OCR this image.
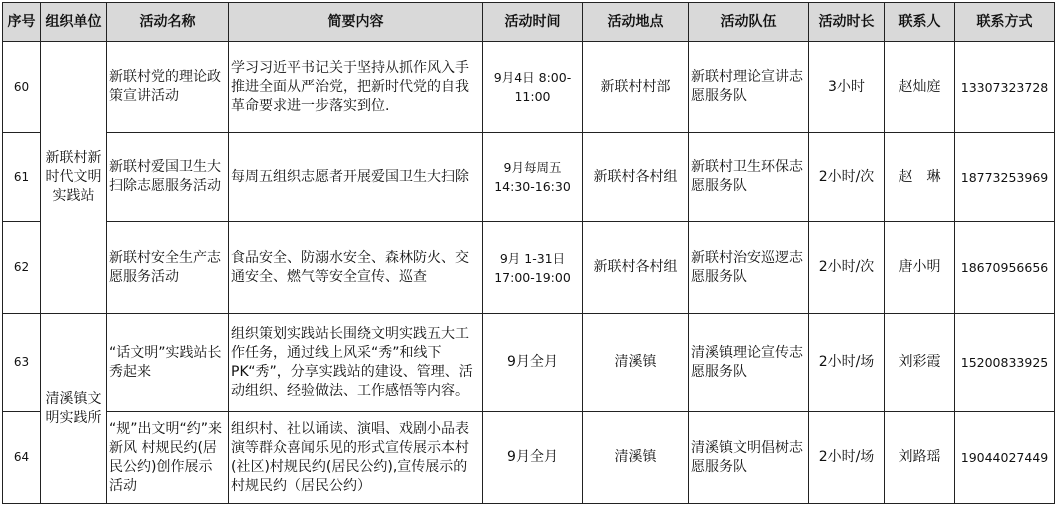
序号	组织单位	活动名称	简要内容	活动时间	活动地点	活动队伍	活动时长	联系人	联系方式
60	新联村新时代文明实践站	新联村党的理论政策宣讲活动	学习习近平书记关于坚持从抓作风入手推进全面从严治党，把新时代党的自我革命要求进一步落实到位.	9月4日 8:00-11:00	新联村村部	新联村理论宣讲志愿服务队	3小时	赵灿庭	13307323728
61		新联村爱国卫生大扫除志愿服务活动	每周五组织志愿者开展爱国卫生大扫除	9月每周五 14:30-16:30	新联村各村组	新联村卫生环保志愿服务队	2小时/次	赵　琳	18773253969
62		新联村安全生产志愿服务活动	食品安全、防溺水安全、森林防火、交通安全、燃气等安全宣传、巡查	9月 1-31日 17:00-19:00	新联村各村组	新联村治安巡逻志愿服务队	2小时/次	唐小明	18670956656
63	清溪镇文明实践所	“话文明”实践站长秀起来	组织策划实践站长围绕文明实践五大工作任务，通过线上风采“秀”和线下PK“秀”，分享实践站的建设、管理、活动组织、经验做法、工作感悟等内容。	9月全月	清溪镇	清溪镇理论宣传志愿服务队	2小时/场	刘彩霞	15200833925
64		“规”出文明“约”来新风 村规民约(居民公约)创作展示活动	组织村、社以诵读、演唱、戏剧小品表演等群众喜闻乐见的形式宣传展示本村(社区)村规民约(居民公约),宣传展示的村规民约（居民公约）	9月全月	清溪镇	清溪镇文明倡树志愿服务队	2小时/场	刘路瑶	19044027449
